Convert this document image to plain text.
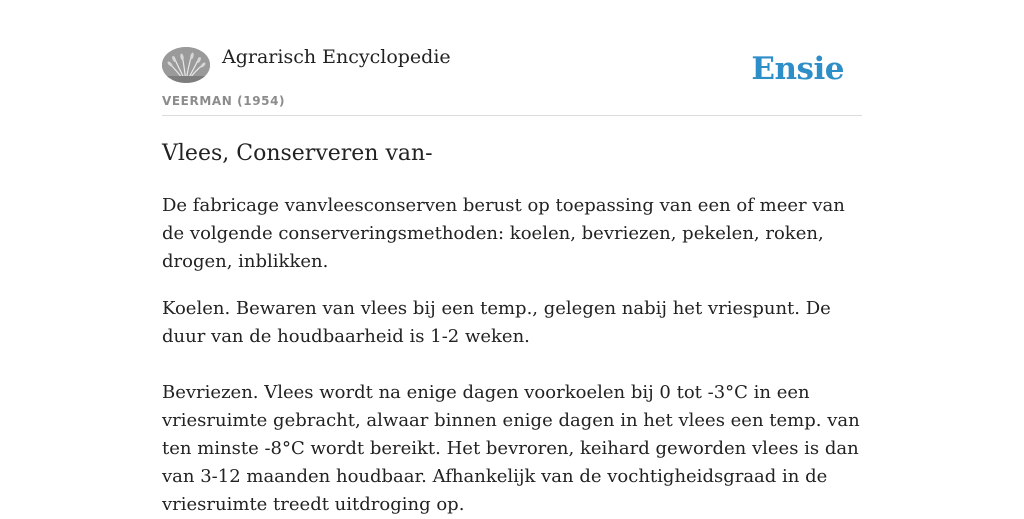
Agrarisch Encyclopedie
VEERMAN (1954)
Ensie
Vlees, Conserveren van-

De fabricage vanvleesconserven berust op toepassing van een of meer van de volgende conserveringsmethoden: koelen, bevriezen, pekelen, roken, drogen, inblikken.

Koelen. Bewaren van vlees bij een temp., gelegen nabij het vriespunt. De duur van de houdbaarheid is 1-2 weken.

Bevriezen. Vlees wordt na enige dagen voorkoelen bij 0 tot -3°C in een vriesruimte gebracht, alwaar binnen enige dagen in het vlees een temp. van ten minste -8°C wordt bereikt. Het bevroren, keihard geworden vlees is dan van 3-12 maanden houdbaar. Afhankelijk van de vochtigheidsgraad in de vriesruimte treedt uitdroging op.
